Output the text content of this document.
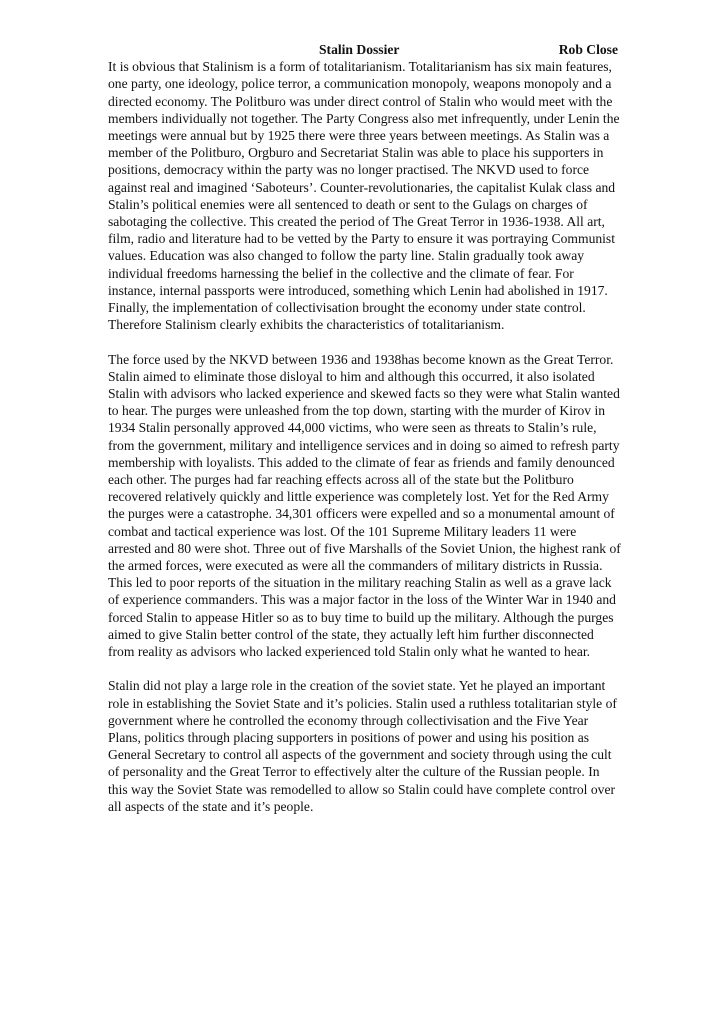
Stalin Dossier	Rob Close

It is obvious that Stalinism is a form of totalitarianism. Totalitarianism has six main features, one party, one ideology, police terror, a communication monopoly, weapons monopoly and a directed economy. The Politburo was under direct control of Stalin who would meet with the members individually not together. The Party Congress also met infrequently, under Lenin the meetings were annual but by 1925 there were three years between meetings. As Stalin was a member of the Politburo, Orgburo and Secretariat Stalin was able to place his supporters in positions, democracy within the party was no longer practised. The NKVD used to force against real and imagined ‘Saboteurs’. Counter-revolutionaries, the capitalist Kulak class and Stalin’s political enemies were all sentenced to death or sent to the Gulags on charges of sabotaging the collective. This created the period of The Great Terror in 1936-1938. All art, film, radio and literature had to be vetted by the Party to ensure it was portraying Communist values. Education was also changed to follow the party line. Stalin gradually took away individual freedoms harnessing the belief in the collective and the climate of fear. For instance, internal passports were introduced, something which Lenin had abolished in 1917. Finally, the implementation of collectivisation brought the economy under state control. Therefore Stalinism clearly exhibits the characteristics of totalitarianism.

The force used by the NKVD between 1936 and 1938has become known as the Great Terror. Stalin aimed to eliminate those disloyal to him and although this occurred, it also isolated Stalin with advisors who lacked experience and skewed facts so they were what Stalin wanted to hear. The purges were unleashed from the top down, starting with the murder of Kirov in 1934 Stalin personally approved 44,000 victims, who were seen as threats to Stalin’s rule, from the government, military and intelligence services and in doing so aimed to refresh party membership with loyalists. This added to the climate of fear as friends and family denounced each other. The purges had far reaching effects across all of the state but the Politburo recovered relatively quickly and little experience was completely lost. Yet for the Red Army the purges were a catastrophe. 34,301 officers were expelled and so a monumental amount of combat and tactical experience was lost. Of the 101 Supreme Military leaders 11 were arrested and 80 were shot. Three out of five Marshalls of the Soviet Union, the highest rank of the armed forces, were executed as were all the commanders of military districts in Russia. This led to poor reports of the situation in the military reaching Stalin as well as a grave lack of experience commanders. This was a major factor in the loss of the Winter War in 1940 and forced Stalin to appease Hitler so as to buy time to build up the military. Although the purges aimed to give Stalin better control of the state, they actually left him further disconnected from reality as advisors who lacked experienced told Stalin only what he wanted to hear.

Stalin did not play a large role in the creation of the soviet state. Yet he played an important role in establishing the Soviet State and it’s policies. Stalin used a ruthless totalitarian style of government where he controlled the economy through collectivisation and the Five Year Plans, politics through placing supporters in positions of power and using his position as General Secretary to control all aspects of the government and society through using the cult of personality and the Great Terror to effectively alter the culture of the Russian people. In this way the Soviet State was remodelled to allow so Stalin could have complete control over all aspects of the state and it’s people.
